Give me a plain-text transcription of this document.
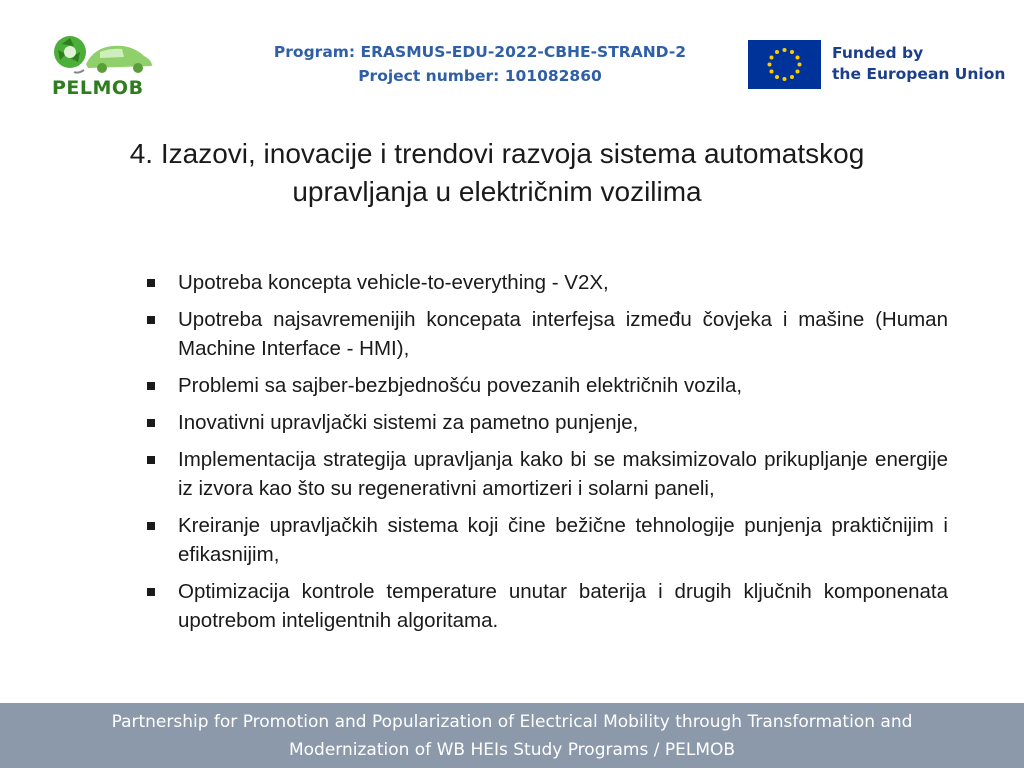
PELMOB
Program: ERASMUS-EDU-2022-CBHE-STRAND-2
Project number: 101082860
Funded by
the European Union
4. Izazovi, inovacije i trendovi razvoja sistema automatskog
upravljanja u električnim vozilima
Upotreba koncepta vehicle-to-everything - V2X,
Upotreba najsavremenijih koncepata interfejsa između čovjeka i mašine (Human Machine Interface - HMI),
Problemi sa sajber-bezbjednošću povezanih električnih vozila,
Inovativni upravljački sistemi za pametno punjenje,
Implementacija strategija upravljanja kako bi se maksimizovalo prikupljanje energije iz izvora kao što su regenerativni amortizeri i solarni paneli,
Kreiranje upravljačkih sistema koji čine bežične tehnologije punjenja praktičnijim i efikasnijim,
Optimizacija kontrole temperature unutar baterija i drugih ključnih komponenata upotrebom inteligentnih algoritama.
Partnership for Promotion and Popularization of Electrical Mobility through Transformation and
Modernization of WB HEIs Study Programs / PELMOB
